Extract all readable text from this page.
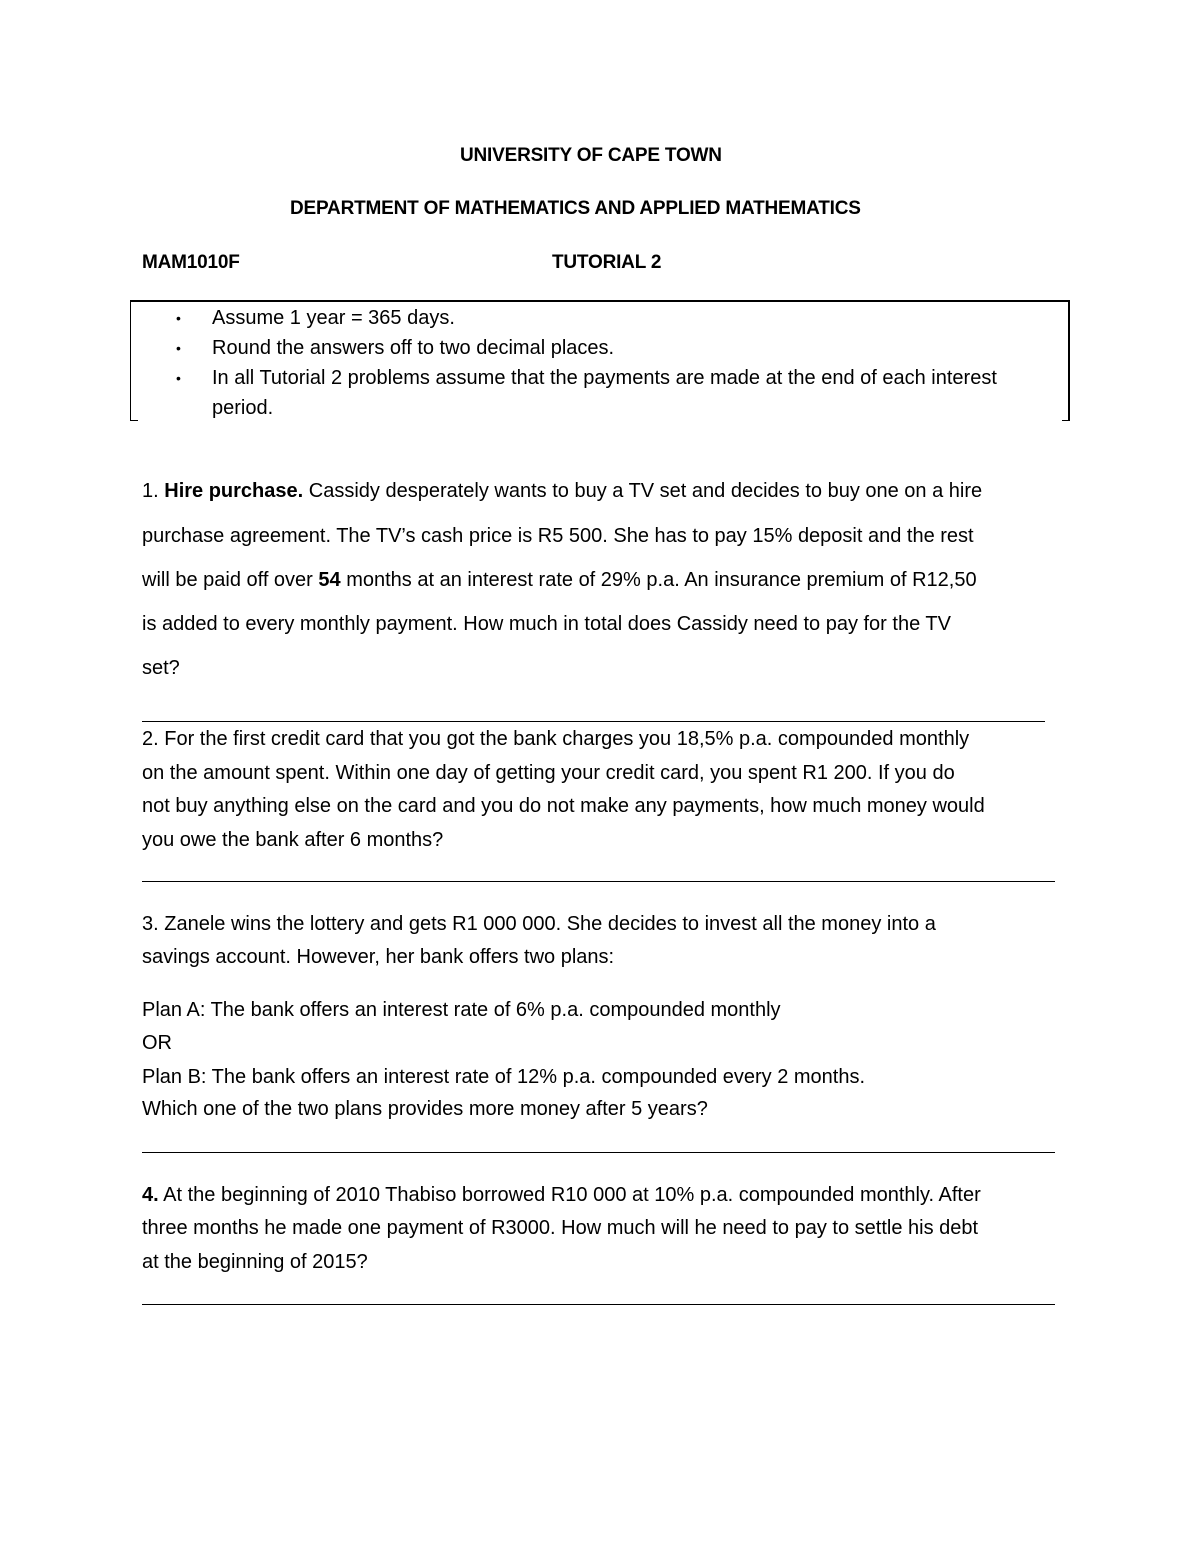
UNIVERSITY OF CAPE TOWN
DEPARTMENT OF MATHEMATICS AND APPLIED MATHEMATICS
MAM1010F	TUTORIAL 2
• Assume 1 year = 365 days.
• Round the answers off to two decimal places.
• In all Tutorial 2 problems assume that the payments are made at the end of each interest period.
1. Hire purchase. Cassidy desperately wants to buy a TV set and decides to buy one on a hire
purchase agreement. The TV’s cash price is R5 500. She has to pay 15% deposit and the rest
will be paid off over 54 months at an interest rate of 29% p.a. An insurance premium of R12,50
is added to every monthly payment. How much in total does Cassidy need to pay for the TV
set?
2. For the first credit card that you got the bank charges you 18,5% p.a. compounded monthly
on the amount spent. Within one day of getting your credit card, you spent R1 200. If you do
not buy anything else on the card and you do not make any payments, how much money would
you owe the bank after 6 months?
3. Zanele wins the lottery and gets R1 000 000. She decides to invest all the money into a
savings account. However, her bank offers two plans:
Plan A: The bank offers an interest rate of 6% p.a. compounded monthly
OR
Plan B: The bank offers an interest rate of 12% p.a. compounded every 2 months.
Which one of the two plans provides more money after 5 years?
4. At the beginning of 2010 Thabiso borrowed R10 000 at 10% p.a. compounded monthly. After
three months he made one payment of R3000. How much will he need to pay to settle his debt
at the beginning of 2015?
